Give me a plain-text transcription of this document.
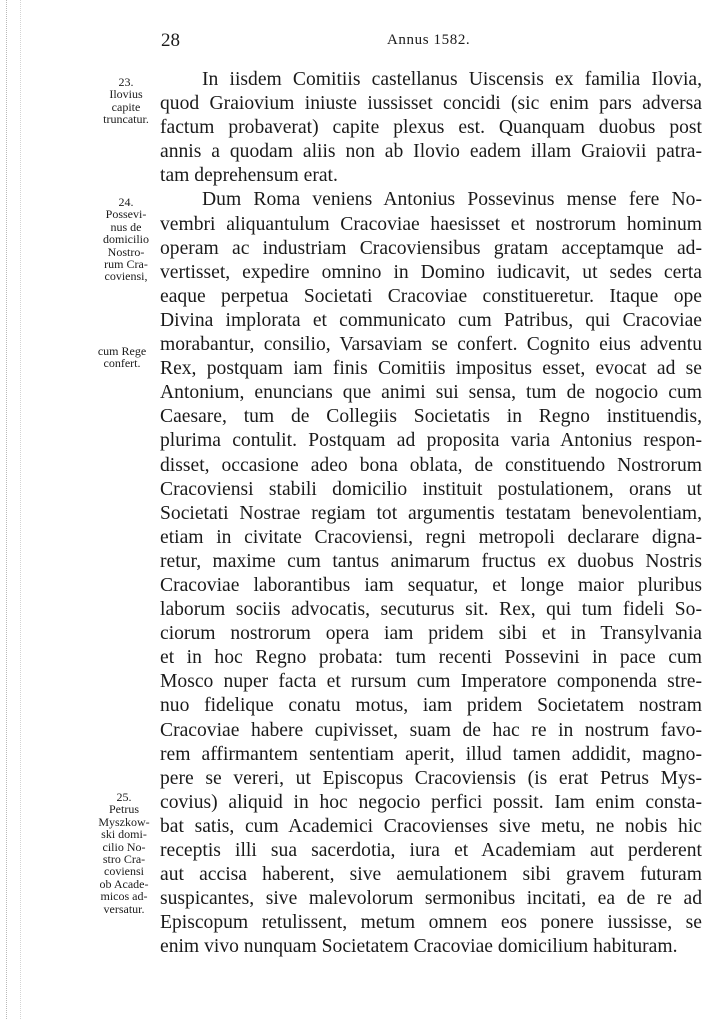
28	Annus 1582.
23.
Ilovius
capite
truncatur.
24.
Possevi-
nus de
domicilio
Nostro-
rum Cra-
coviensi,
cum Rege
confert.
25.
Petrus
Myszkow-
ski domi-
cilio No-
stro Cra-
coviensi
ob Acade-
micos ad-
versatur.
In iisdem Comitiis castellanus Uiscensis ex familia Ilovia,
quod Graiovium iniuste iussisset concidi (sic enim pars adversa
factum probaverat) capite plexus est. Quanquam duobus post
annis a quodam aliis non ab Ilovio eadem illam Graiovii patra-
tam deprehensum erat.
Dum Roma veniens Antonius Possevinus mense fere No-
vembri aliquantulum Cracoviae haesisset et nostrorum hominum
operam ac industriam Cracoviensibus gratam acceptamque ad-
vertisset, expedire omnino in Domino iudicavit, ut sedes certa
eaque perpetua Societati Cracoviae constitueretur. Itaque ope
Divina implorata et communicato cum Patribus, qui Cracoviae
morabantur, consilio, Varsaviam se confert. Cognito eius adventu
Rex, postquam iam finis Comitiis impositus esset, evocat ad se
Antonium, enuncians que animi sui sensa, tum de nogocio cum
Caesare, tum de Collegiis Societatis in Regno instituendis,
plurima contulit. Postquam ad proposita varia Antonius respon-
disset, occasione adeo bona oblata, de constituendo Nostrorum
Cracoviensi stabili domicilio instituit postulationem, orans ut
Societati Nostrae regiam tot argumentis testatam benevolentiam,
etiam in civitate Cracoviensi, regni metropoli declarare digna-
retur, maxime cum tantus animarum fructus ex duobus Nostris
Cracoviae laborantibus iam sequatur, et longe maior pluribus
laborum sociis advocatis, secuturus sit. Rex, qui tum fideli So-
ciorum nostrorum opera iam pridem sibi et in Transylvania
et in hoc Regno probata: tum recenti Possevini in pace cum
Mosco nuper facta et rursum cum Imperatore componenda stre-
nuo fidelique conatu motus, iam pridem Societatem nostram
Cracoviae habere cupivisset, suam de hac re in nostrum favo-
rem affirmantem sententiam aperit, illud tamen addidit, magno-
pere se vereri, ut Episcopus Cracoviensis (is erat Petrus Mys-
covius) aliquid in hoc negocio perfici possit. Iam enim consta-
bat satis, cum Academici Cracovienses sive metu, ne nobis hic
receptis illi sua sacerdotia, iura et Academiam aut perderent
aut accisa haberent, sive aemulationem sibi gravem futuram
suspicantes, sive malevolorum sermonibus incitati, ea de re ad
Episcopum retulissent, metum omnem eos ponere iussisse, se
enim vivo nunquam Societatem Cracoviae domicilium habituram.
